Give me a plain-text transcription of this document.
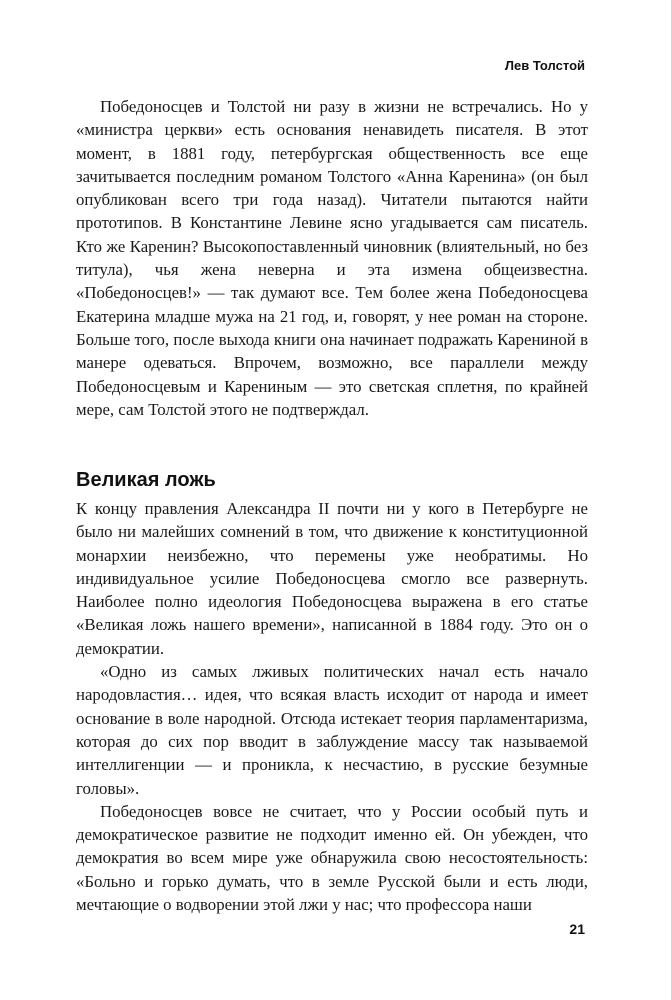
Лев Толстой

Победоносцев и Толстой ни разу в жизни не встречались. Но у «министра церкви» есть основания ненавидеть писателя. В этот момент, в 1881 году, петербургская общественность все еще зачитывается последним романом Толстого «Анна Каренина» (он был опубликован всего три года назад). Читатели пытаются найти прототипов. В Константине Левине ясно угадывается сам писатель. Кто же Каренин? Высокопоставленный чиновник (влиятельный, но без титула), чья жена неверна и эта измена общеизвестна. «Победоносцев!» — так думают все. Тем более жена Победоносцева Екатерина младше мужа на 21 год, и, говорят, у нее роман на стороне. Больше того, после выхода книги она начинает подражать Карениной в манере одеваться. Впрочем, возможно, все параллели между Победоносцевым и Карениным — это светская сплетня, по крайней мере, сам Толстой этого не подтверждал.

Великая ложь

К концу правления Александра II почти ни у кого в Петербурге не было ни малейших сомнений в том, что движение к конституционной монархии неизбежно, что перемены уже необратимы. Но индивидуальное усилие Победоносцева смогло все развернуть. Наиболее полно идеология Победоносцева выражена в его статье «Великая ложь нашего времени», написанной в 1884 году. Это он о демократии.

«Одно из самых лживых политических начал есть начало народовластия… идея, что всякая власть исходит от народа и имеет основание в воле народной. Отсюда истекает теория парламентаризма, которая до сих пор вводит в заблуждение массу так называемой интеллигенции — и проникла, к несчастию, в русские безумные головы».

Победоносцев вовсе не считает, что у России особый путь и демократическое развитие не подходит именно ей. Он убежден, что демократия во всем мире уже обнаружила свою несостоятельность: «Больно и горько думать, что в земле Русской были и есть люди, мечтающие о водворении этой лжи у нас; что профессора наши

21
